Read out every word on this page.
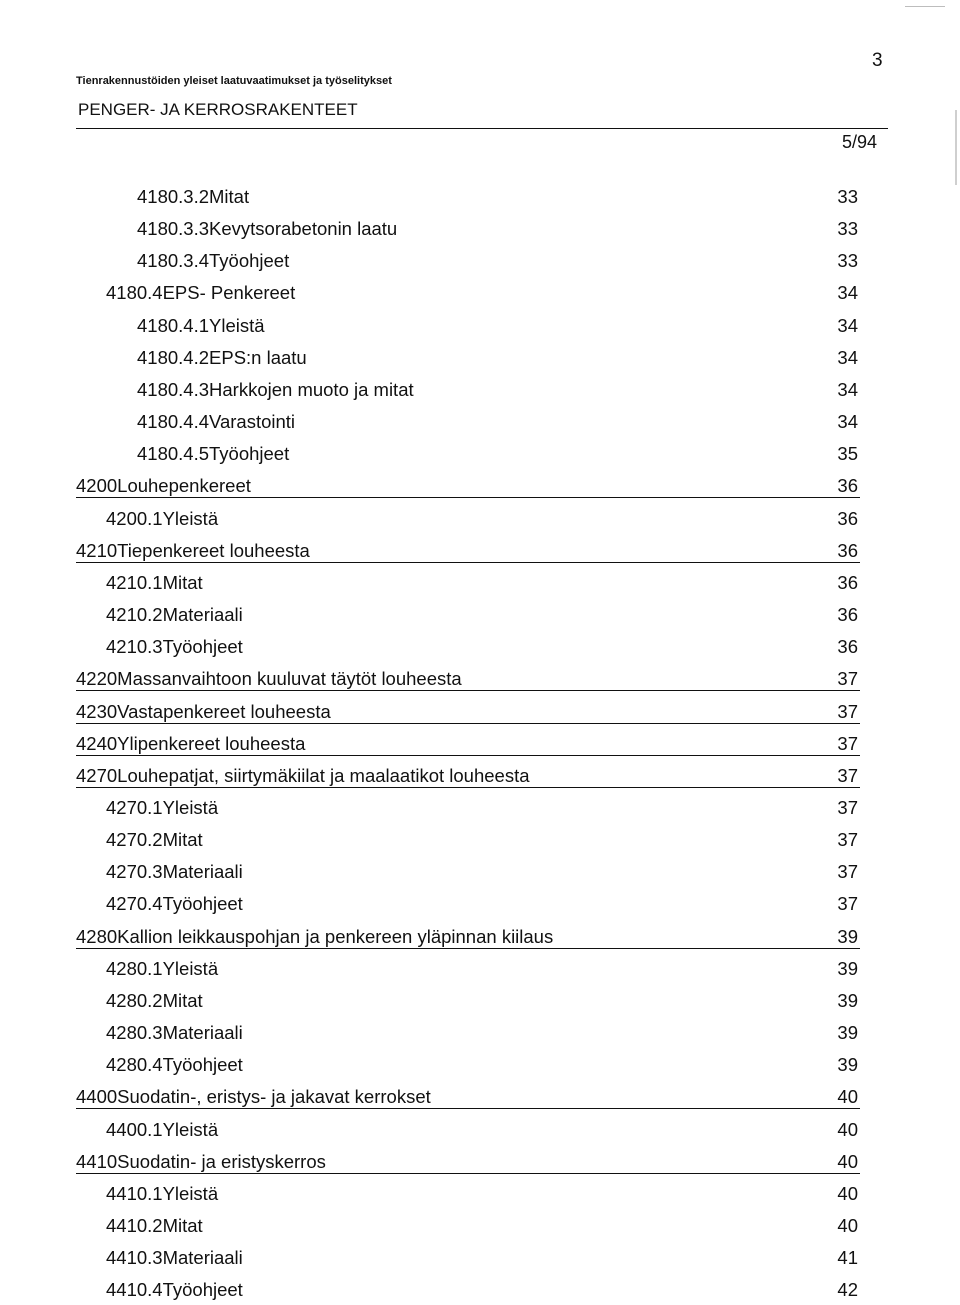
3
Tienrakennustöiden yleiset laatuvaatimukset ja työselitykset
PENGER- JA KERROSRAKENTEET
5/94
4180.3.2Mitat	33
4180.3.3Kevytsorabetonin laatu	33
4180.3.4Työohjeet	33
4180.4EPS- Penkereet	34
4180.4.1Yleistä	34
4180.4.2EPS:n laatu	34
4180.4.3Harkkojen muoto ja mitat	34
4180.4.4Varastointi	34
4180.4.5Työohjeet	35
4200Louhepenkereet	36
4200.1Yleistä	36
4210Tiepenkereet louheesta	36
4210.1Mitat	36
4210.2Materiaali	36
4210.3Työohjeet	36
4220Massanvaihtoon kuuluvat täytöt louheesta	37
4230Vastapenkereet louheesta	37
4240Ylipenkereet louheesta	37
4270Louhepatjat, siirtymäkiilat ja maalaatikot louheesta	37
4270.1Yleistä	37
4270.2Mitat	37
4270.3Materiaali	37
4270.4Työohjeet	37
4280Kallion leikkauspohjan ja penkereen yläpinnan kiilaus	39
4280.1Yleistä	39
4280.2Mitat	39
4280.3Materiaali	39
4280.4Työohjeet	39
4400Suodatin-, eristys- ja jakavat kerrokset	40
4400.1Yleistä	40
4410Suodatin- ja eristyskerros	40
4410.1Yleistä	40
4410.2Mitat	40
4410.3Materiaali	41
4410.4Työohjeet	42
